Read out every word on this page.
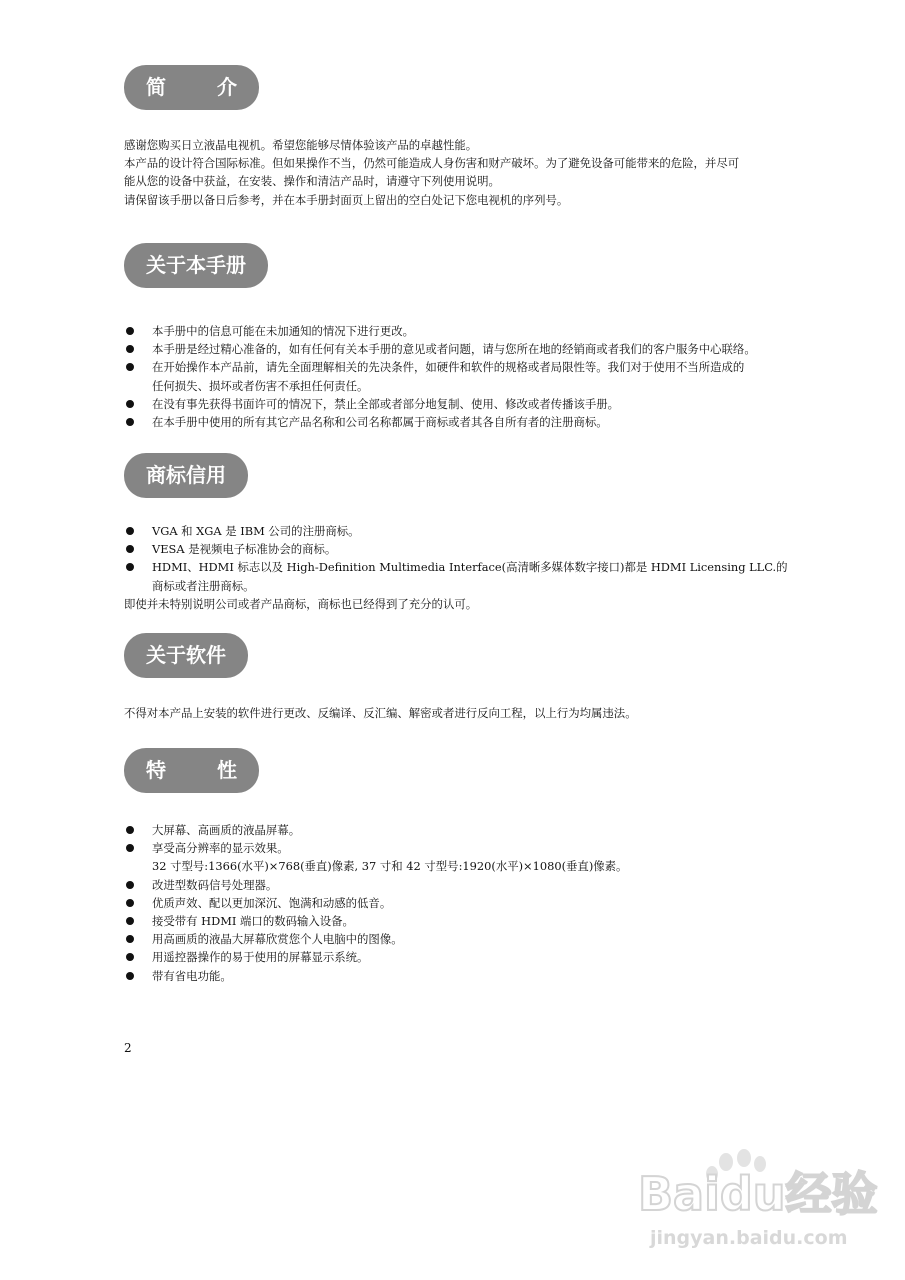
简 介
感谢您购买日立液晶电视机。希望您能够尽情体验该产品的卓越性能。
本产品的设计符合国际标准。但如果操作不当，仍然可能造成人身伤害和财产破坏。为了避免设备可能带来的危险，并尽可
能从您的设备中获益，在安装、操作和清洁产品时，请遵守下列使用说明。
请保留该手册以备日后参考，并在本手册封面页上留出的空白处记下您电视机的序列号。
关于本手册
本手册中的信息可能在未加通知的情况下进行更改。
本手册是经过精心准备的，如有任何有关本手册的意见或者问题，请与您所在地的经销商或者我们的客户服务中心联络。
在开始操作本产品前，请先全面理解相关的先决条件，如硬件和软件的规格或者局限性等。我们对于使用不当所造成的
任何损失、损坏或者伤害不承担任何责任。
在没有事先获得书面许可的情况下，禁止全部或者部分地复制、使用、修改或者传播该手册。
在本手册中使用的所有其它产品名称和公司名称都属于商标或者其各自所有者的注册商标。
商标信用
VGA 和 XGA 是 IBM 公司的注册商标。
VESA 是视频电子标准协会的商标。
HDMI、HDMI 标志以及 High-Definition Multimedia Interface(高清晰多媒体数字接口)都是 HDMI Licensing LLC.的
商标或者注册商标。
即使并未特别说明公司或者产品商标，商标也已经得到了充分的认可。
关于软件
不得对本产品上安装的软件进行更改、反编译、反汇编、解密或者进行反向工程，以上行为均属违法。
特 性
大屏幕、高画质的液晶屏幕。
享受高分辨率的显示效果。
32 寸型号:1366(水平)×768(垂直)像素, 37 寸和 42 寸型号:1920(水平)×1080(垂直)像素。
改进型数码信号处理器。
优质声效、配以更加深沉、饱满和动感的低音。
接受带有 HDMI 端口的数码输入设备。
用高画质的液晶大屏幕欣赏您个人电脑中的图像。
用遥控器操作的易于使用的屏幕显示系统。
带有省电功能。
2
Baidu经验
jingyan.baidu.com
